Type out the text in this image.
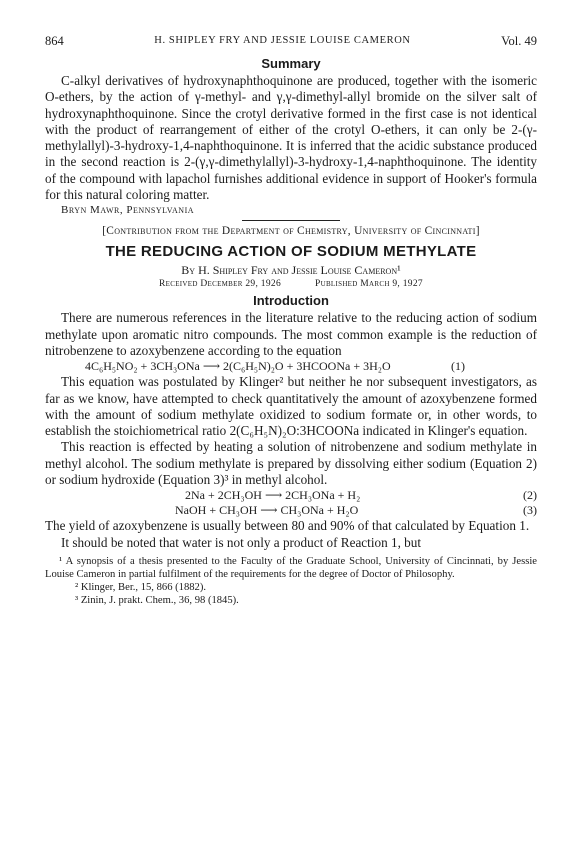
864	H. SHIPLEY FRY AND JESSIE LOUISE CAMERON	Vol. 49
Summary

C-alkyl derivatives of hydroxynaphthoquinone are produced, together with the isomeric O-ethers, by the action of γ-methyl- and γ,γ-dimethyl-allyl bromide on the silver salt of hydroxynaphthoquinone. Since the crotyl derivative formed in the first case is not identical with the product of rearrangement of either of the crotyl O-ethers, it can only be 2-(γ-methylallyl)-3-hydroxy-1,4-naphthoquinone. It is inferred that the acidic substance produced in the second reaction is 2-(γ,γ-dimethylallyl)-3-hydroxy-1,4-naphthoquinone. The identity of the compound with lapachol furnishes additional evidence in support of Hooker's formula for this natural coloring matter.

Bryn Mawr, Pennsylvania
[Contribution from the Department of Chemistry, University of Cincinnati]
THE REDUCING ACTION OF SODIUM METHYLATE
By H. Shipley Fry and Jessie Louise Cameron¹
Received December 29, 1926	Published March 9, 1927
Introduction

There are numerous references in the literature relative to the reducing action of sodium methylate upon aromatic nitro compounds. The most common example is the reduction of nitrobenzene to azoxybenzene according to the equation

4C₆H₅NO₂ + 3CH₃ONa ⟶ 2(C₆H₅N)₂O + 3HCOONa + 3H₂O	(1)

This equation was postulated by Klinger² but neither he nor subsequent investigators, as far as we know, have attempted to check quantitatively the amount of azoxybenzene formed with the amount of sodium methylate oxidized to sodium formate or, in other words, to establish the stoichiometrical ratio 2(C₆H₅N)₂O:3HCOONa indicated in Klinger's equation.

This reaction is effected by heating a solution of nitrobenzene and sodium methylate in methyl alcohol. The sodium methylate is prepared by dissolving either sodium (Equation 2) or sodium hydroxide (Equation 3)³ in methyl alcohol.

2Na + 2CH₃OH ⟶ 2CH₃ONa + H₂	(2)
NaOH + CH₃OH ⟶ CH₃ONa + H₂O	(3)

The yield of azoxybenzene is usually between 80 and 90% of that calculated by Equation 1.

It should be noted that water is not only a product of Reaction 1, but

¹ A synopsis of a thesis presented to the Faculty of the Graduate School, University of Cincinnati, by Jessie Louise Cameron in partial fulfilment of the requirements for the degree of Doctor of Philosophy.

² Klinger, Ber., 15, 866 (1882).

³ Zinin, J. prakt. Chem., 36, 98 (1845).
